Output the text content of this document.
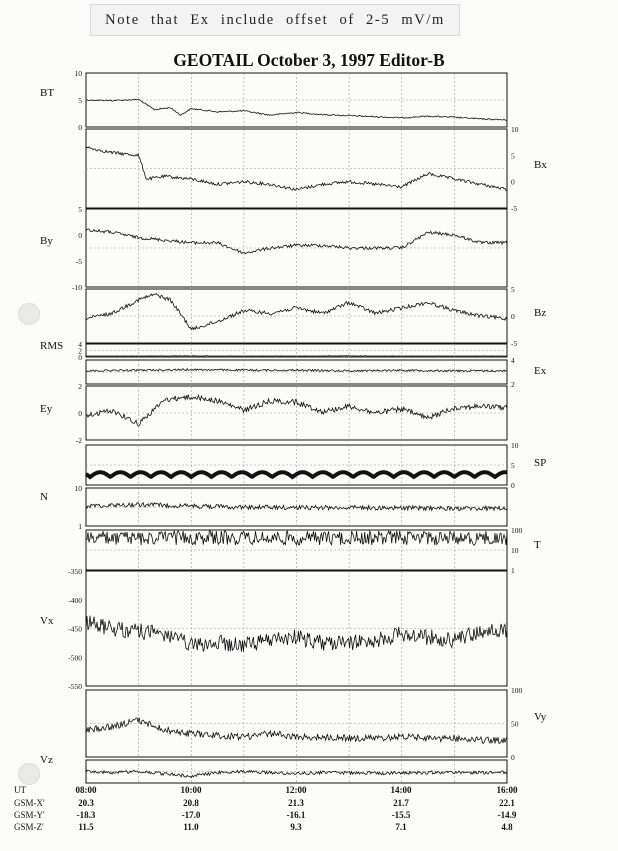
Note that Ex include offset of 2-5 mV/m
GEOTAIL October 3, 1997 Editor-B
10
5
0
BT
10
5
0
-5
Bx
5
0
-5
-10
By
5
0
-5
Bz
4
2
0
RMS
4
2
Ex
2
0
-2
Ey
10
5
0
SP
10
1
N
100
10
1
T
-350
-400
-450
-500
-550
Vx
100
50
0
Vy
Vz
UT
GSM-X'
GSM-Y'
GSM-Z'
08:00
20.3
-18.3
11.5
10:00
20.8
-17.0
11.0
12:00
21.3
-16.1
9.3
14:00
21.7
-15.5
7.1
16:00
22.1
-14.9
4.8
